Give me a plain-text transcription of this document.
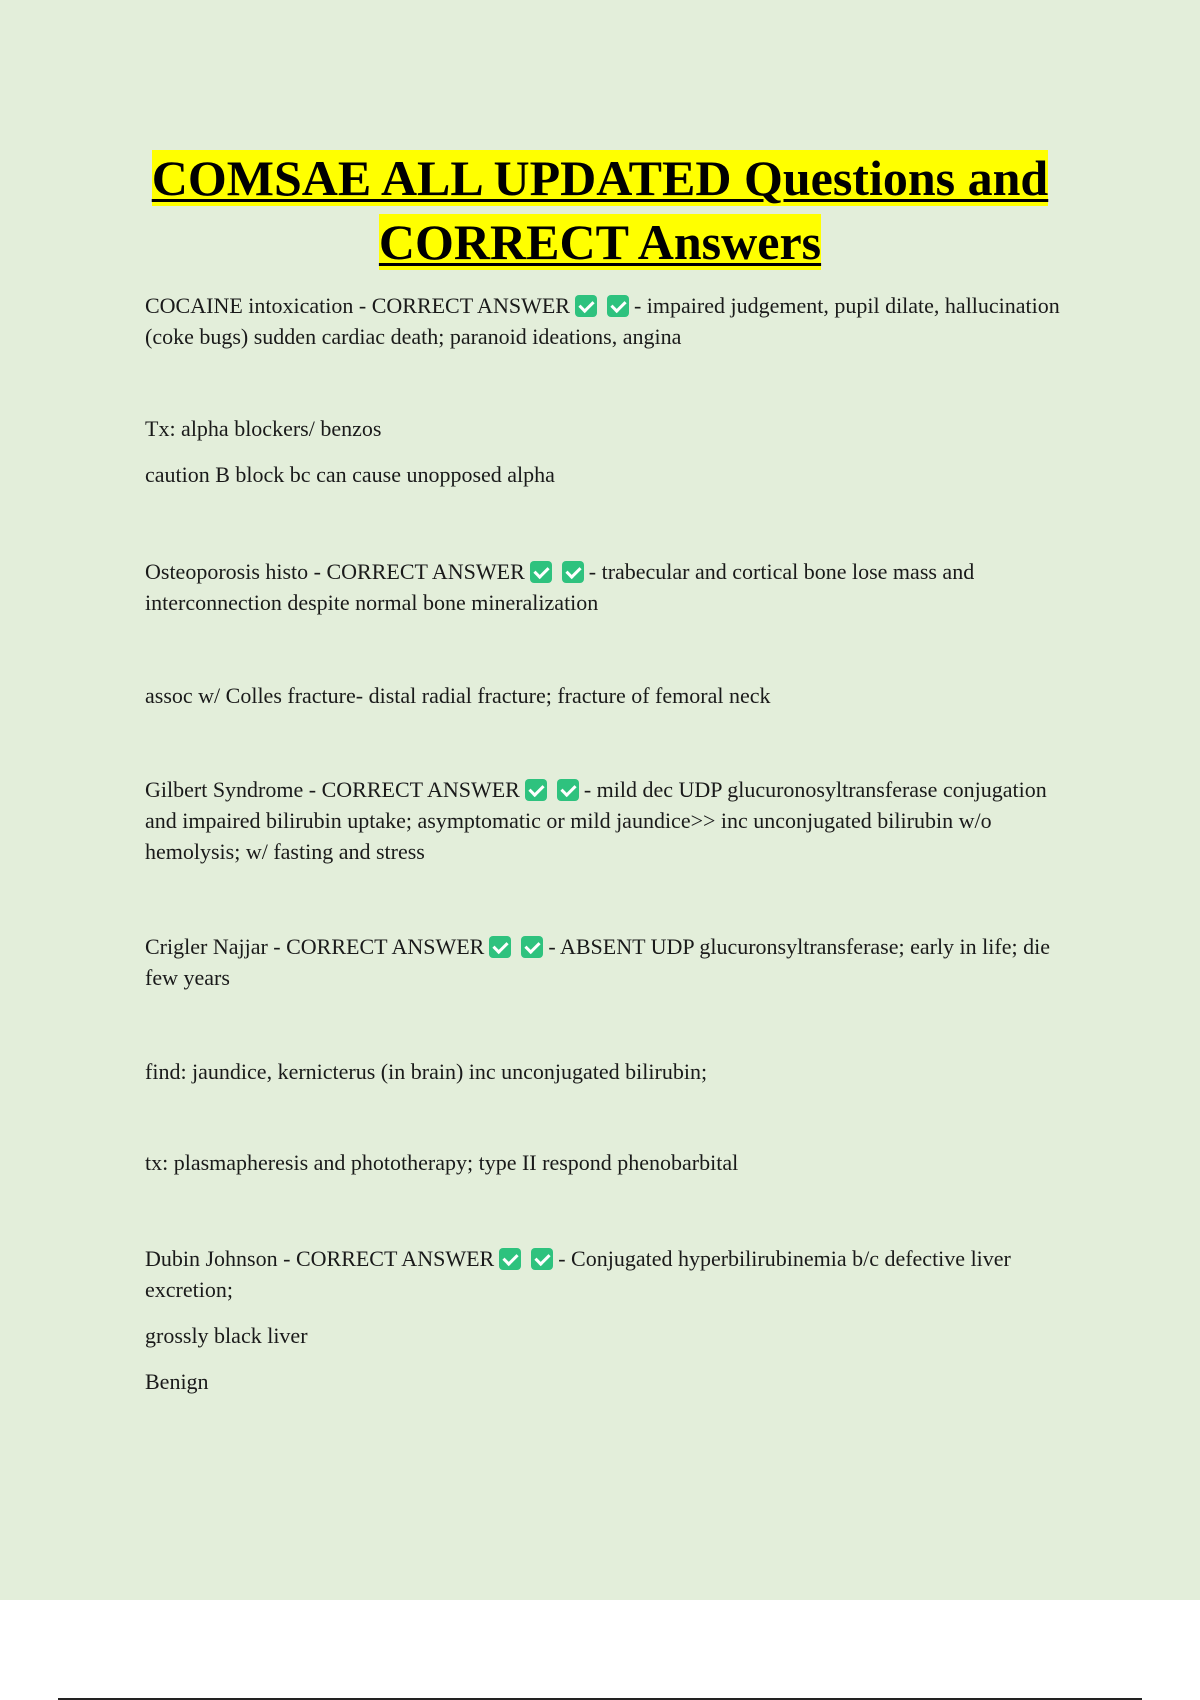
COMSAE ALL UPDATED Questions and
CORRECT Answers

COCAINE intoxication - CORRECT ANSWER	- impaired judgement, pupil dilate, hallucination (coke bugs) sudden cardiac death; paranoid ideations, angina

Tx: alpha blockers/ benzos

caution B block bc can cause unopposed alpha

Osteoporosis histo - CORRECT ANSWER	- trabecular and cortical bone lose mass and interconnection despite normal bone mineralization

assoc w/ Colles fracture- distal radial fracture; fracture of femoral neck

Gilbert Syndrome - CORRECT ANSWER	- mild dec UDP glucuronosyltransferase conjugation and impaired bilirubin uptake; asymptomatic or mild jaundice>> inc unconjugated bilirubin w/o hemolysis; w/ fasting and stress

Crigler Najjar - CORRECT ANSWER	- ABSENT UDP glucuronsyltransferase; early in life; die few years

find: jaundice, kernicterus (in brain) inc unconjugated bilirubin;

tx: plasmapheresis and phototherapy; type II respond phenobarbital

Dubin Johnson - CORRECT ANSWER	- Conjugated hyperbilirubinemia b/c defective liver excretion;

grossly black liver

Benign
